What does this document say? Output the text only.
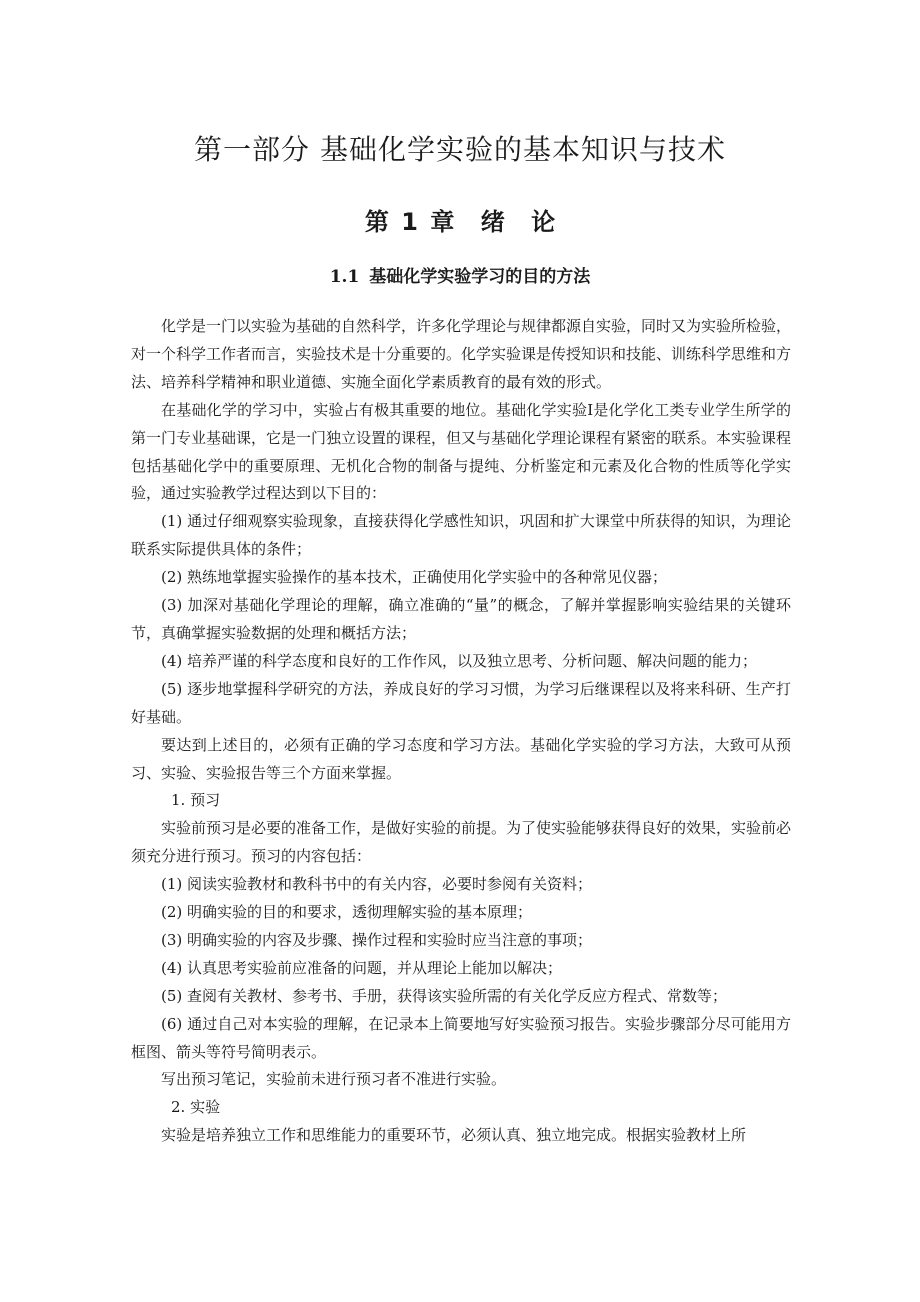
第一部分 基础化学实验的基本知识与技术
第 1 章 绪 论
1.1 基础化学实验学习的目的方法

化学是一门以实验为基础的自然科学，许多化学理论与规律都源自实验，同时又为实验所检验，对一个科学工作者而言，实验技术是十分重要的。化学实验课是传授知识和技能、训练科学思维和方法、培养科学精神和职业道德、实施全面化学素质教育的最有效的形式。

在基础化学的学习中，实验占有极其重要的地位。基础化学实验I是化学化工类专业学生所学的第一门专业基础课，它是一门独立设置的课程，但又与基础化学理论课程有紧密的联系。本实验课程包括基础化学中的重要原理、无机化合物的制备与提纯、分析鉴定和元素及化合物的性质等化学实验，通过实验教学过程达到以下目的：

(1) 通过仔细观察实验现象，直接获得化学感性知识，巩固和扩大课堂中所获得的知识，为理论联系实际提供具体的条件；

(2) 熟练地掌握实验操作的基本技术，正确使用化学实验中的各种常见仪器；

(3) 加深对基础化学理论的理解，确立准确的“量”的概念，了解并掌握影响实验结果的关键环节，真确掌握实验数据的处理和概括方法；

(4) 培养严谨的科学态度和良好的工作作风，以及独立思考、分析问题、解决问题的能力；

(5) 逐步地掌握科学研究的方法，养成良好的学习习惯，为学习后继课程以及将来科研、生产打好基础。

要达到上述目的，必须有正确的学习态度和学习方法。基础化学实验的学习方法，大致可从预习、实验、实验报告等三个方面来掌握。

1. 预习

实验前预习是必要的准备工作，是做好实验的前提。为了使实验能够获得良好的效果，实验前必须充分进行预习。预习的内容包括：

(1) 阅读实验教材和教科书中的有关内容，必要时参阅有关资料；

(2) 明确实验的目的和要求，透彻理解实验的基本原理；

(3) 明确实验的内容及步骤、操作过程和实验时应当注意的事项；

(4) 认真思考实验前应准备的问题，并从理论上能加以解决；

(5) 查阅有关教材、参考书、手册，获得该实验所需的有关化学反应方程式、常数等；

(6) 通过自己对本实验的理解，在记录本上简要地写好实验预习报告。实验步骤部分尽可能用方框图、箭头等符号简明表示。

写出预习笔记，实验前未进行预习者不准进行实验。

2. 实验

实验是培养独立工作和思维能力的重要环节，必须认真、独立地完成。根据实验教材上所
